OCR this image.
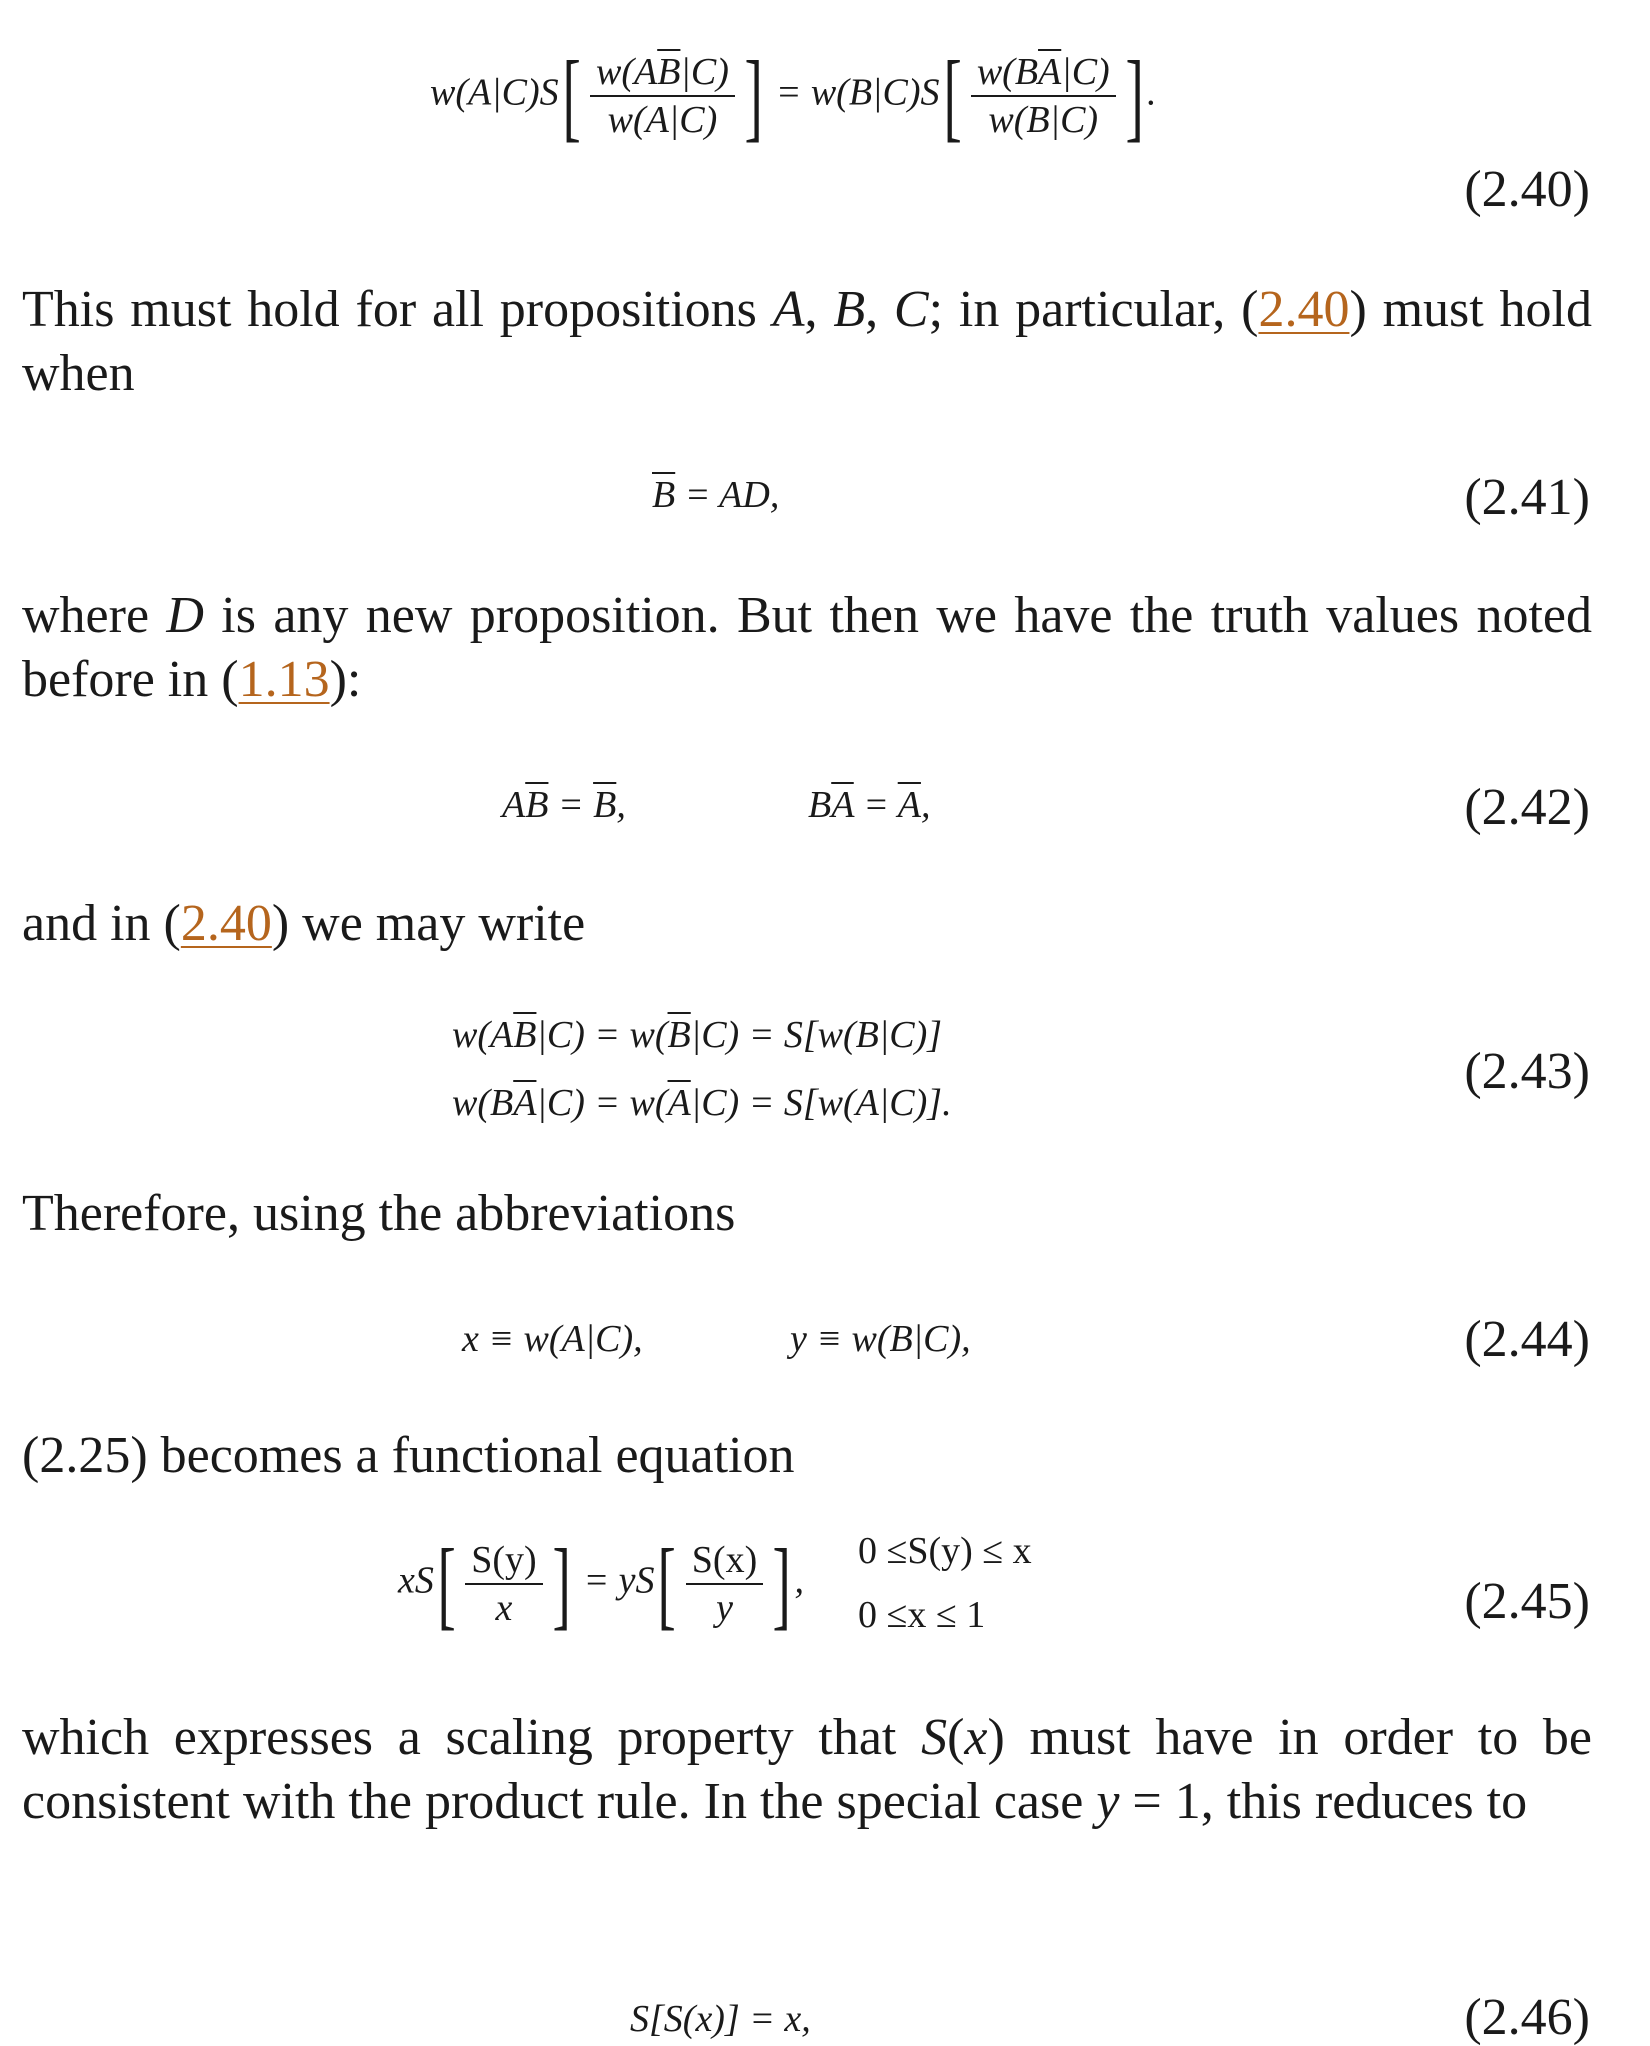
$w(A|C)S[ \frac{w(A\overline{B}|C)}{w(A|C)}$ ] = $w(B|C)S[ \frac{w(B\overline{A}|C)}{w(B|C)}$ ].
(2.40)
This must hold for all propositions A, B, C; in particular, (2.40) must hold when
$\overline{B}$ = AD,	(2.41)
where D is any new proposition. But then we have the truth values noted before in (1.13):
$A\overline{B} = \overline{B}$,	$B\overline{A} = \overline{A}$,	(2.42)
and in (2.40) we may write
$w(A\overline{B}|C) = w(\overline{B}|C) = S[w(B|C)]$
$w(B\overline{A}|C) = w(\overline{A}|C) = S[w(A|C)]$.
(2.43)
Therefore, using the abbreviations
x ≡ w(A|C),	y ≡ w(B|C),	(2.44)
(2.25) becomes a functional equation
$xS[ \frac{S(y)}{x}$ ] = $yS[ \frac{S(x)}{y}$ ],
0 ≤S(y) ≤ x
0 ≤x ≤ 1	(2.45)
which expresses a scaling property that S(x) must have in order to be consistent with the product rule. In the special case y = 1, this reduces to
S[S(x)] = x,	(2.46)
